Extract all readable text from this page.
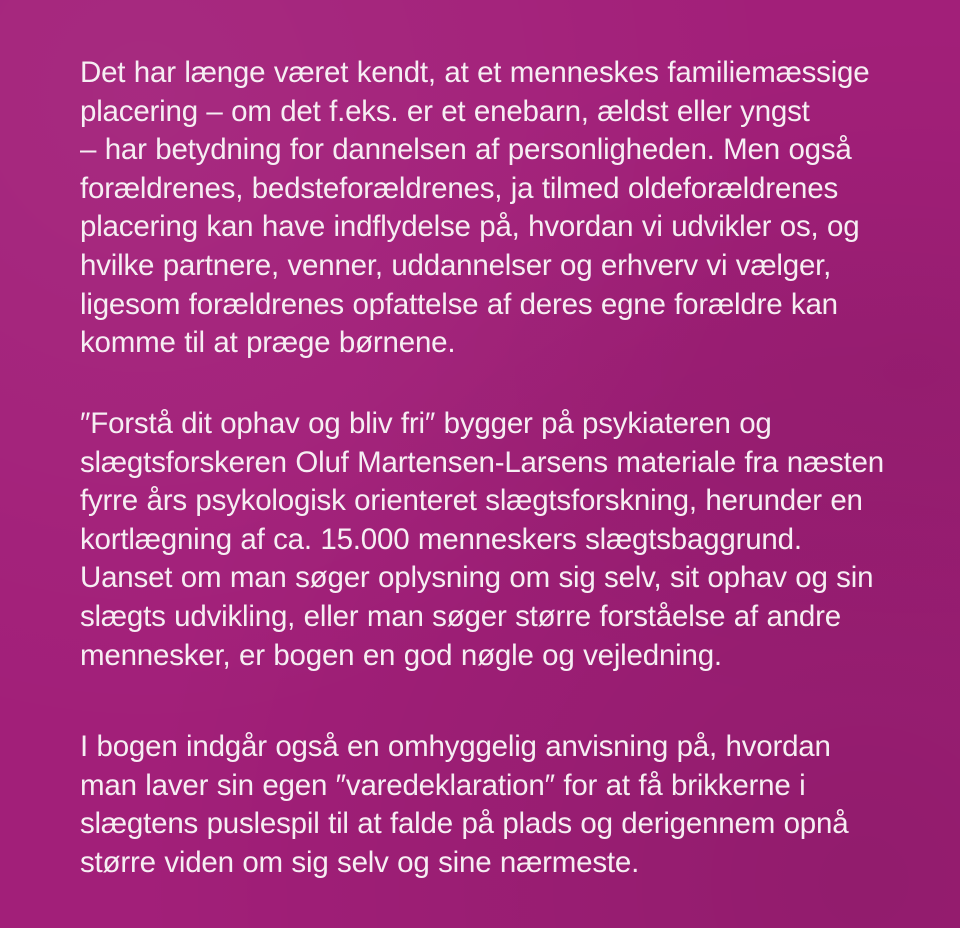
Det har længe været kendt, at et menneskes familiemæssige
placering – om det f.eks. er et enebarn, ældst eller yngst
– har betydning for dannelsen af personligheden. Men også
forældrenes, bedsteforældrenes, ja tilmed oldeforældrenes
placering kan have indflydelse på, hvordan vi udvikler os, og
hvilke partnere, venner, uddannelser og erhverv vi vælger,
ligesom forældrenes opfattelse af deres egne forældre kan
komme til at præge børnene.
″Forstå dit ophav og bliv fri″ bygger på psykiateren og
slægtsforskeren Oluf Martensen-Larsens materiale fra næsten
fyrre års psykologisk orienteret slægtsforskning, herunder en
kortlægning af ca. 15.000 menneskers slægtsbaggrund.
Uanset om man søger oplysning om sig selv, sit ophav og sin
slægts udvikling, eller man søger større forståelse af andre
mennesker, er bogen en god nøgle og vejledning.
I bogen indgår også en omhyggelig anvisning på, hvordan
man laver sin egen ″varedeklaration″ for at få brikkerne i
slægtens puslespil til at falde på plads og derigennem opnå
større viden om sig selv og sine nærmeste.
